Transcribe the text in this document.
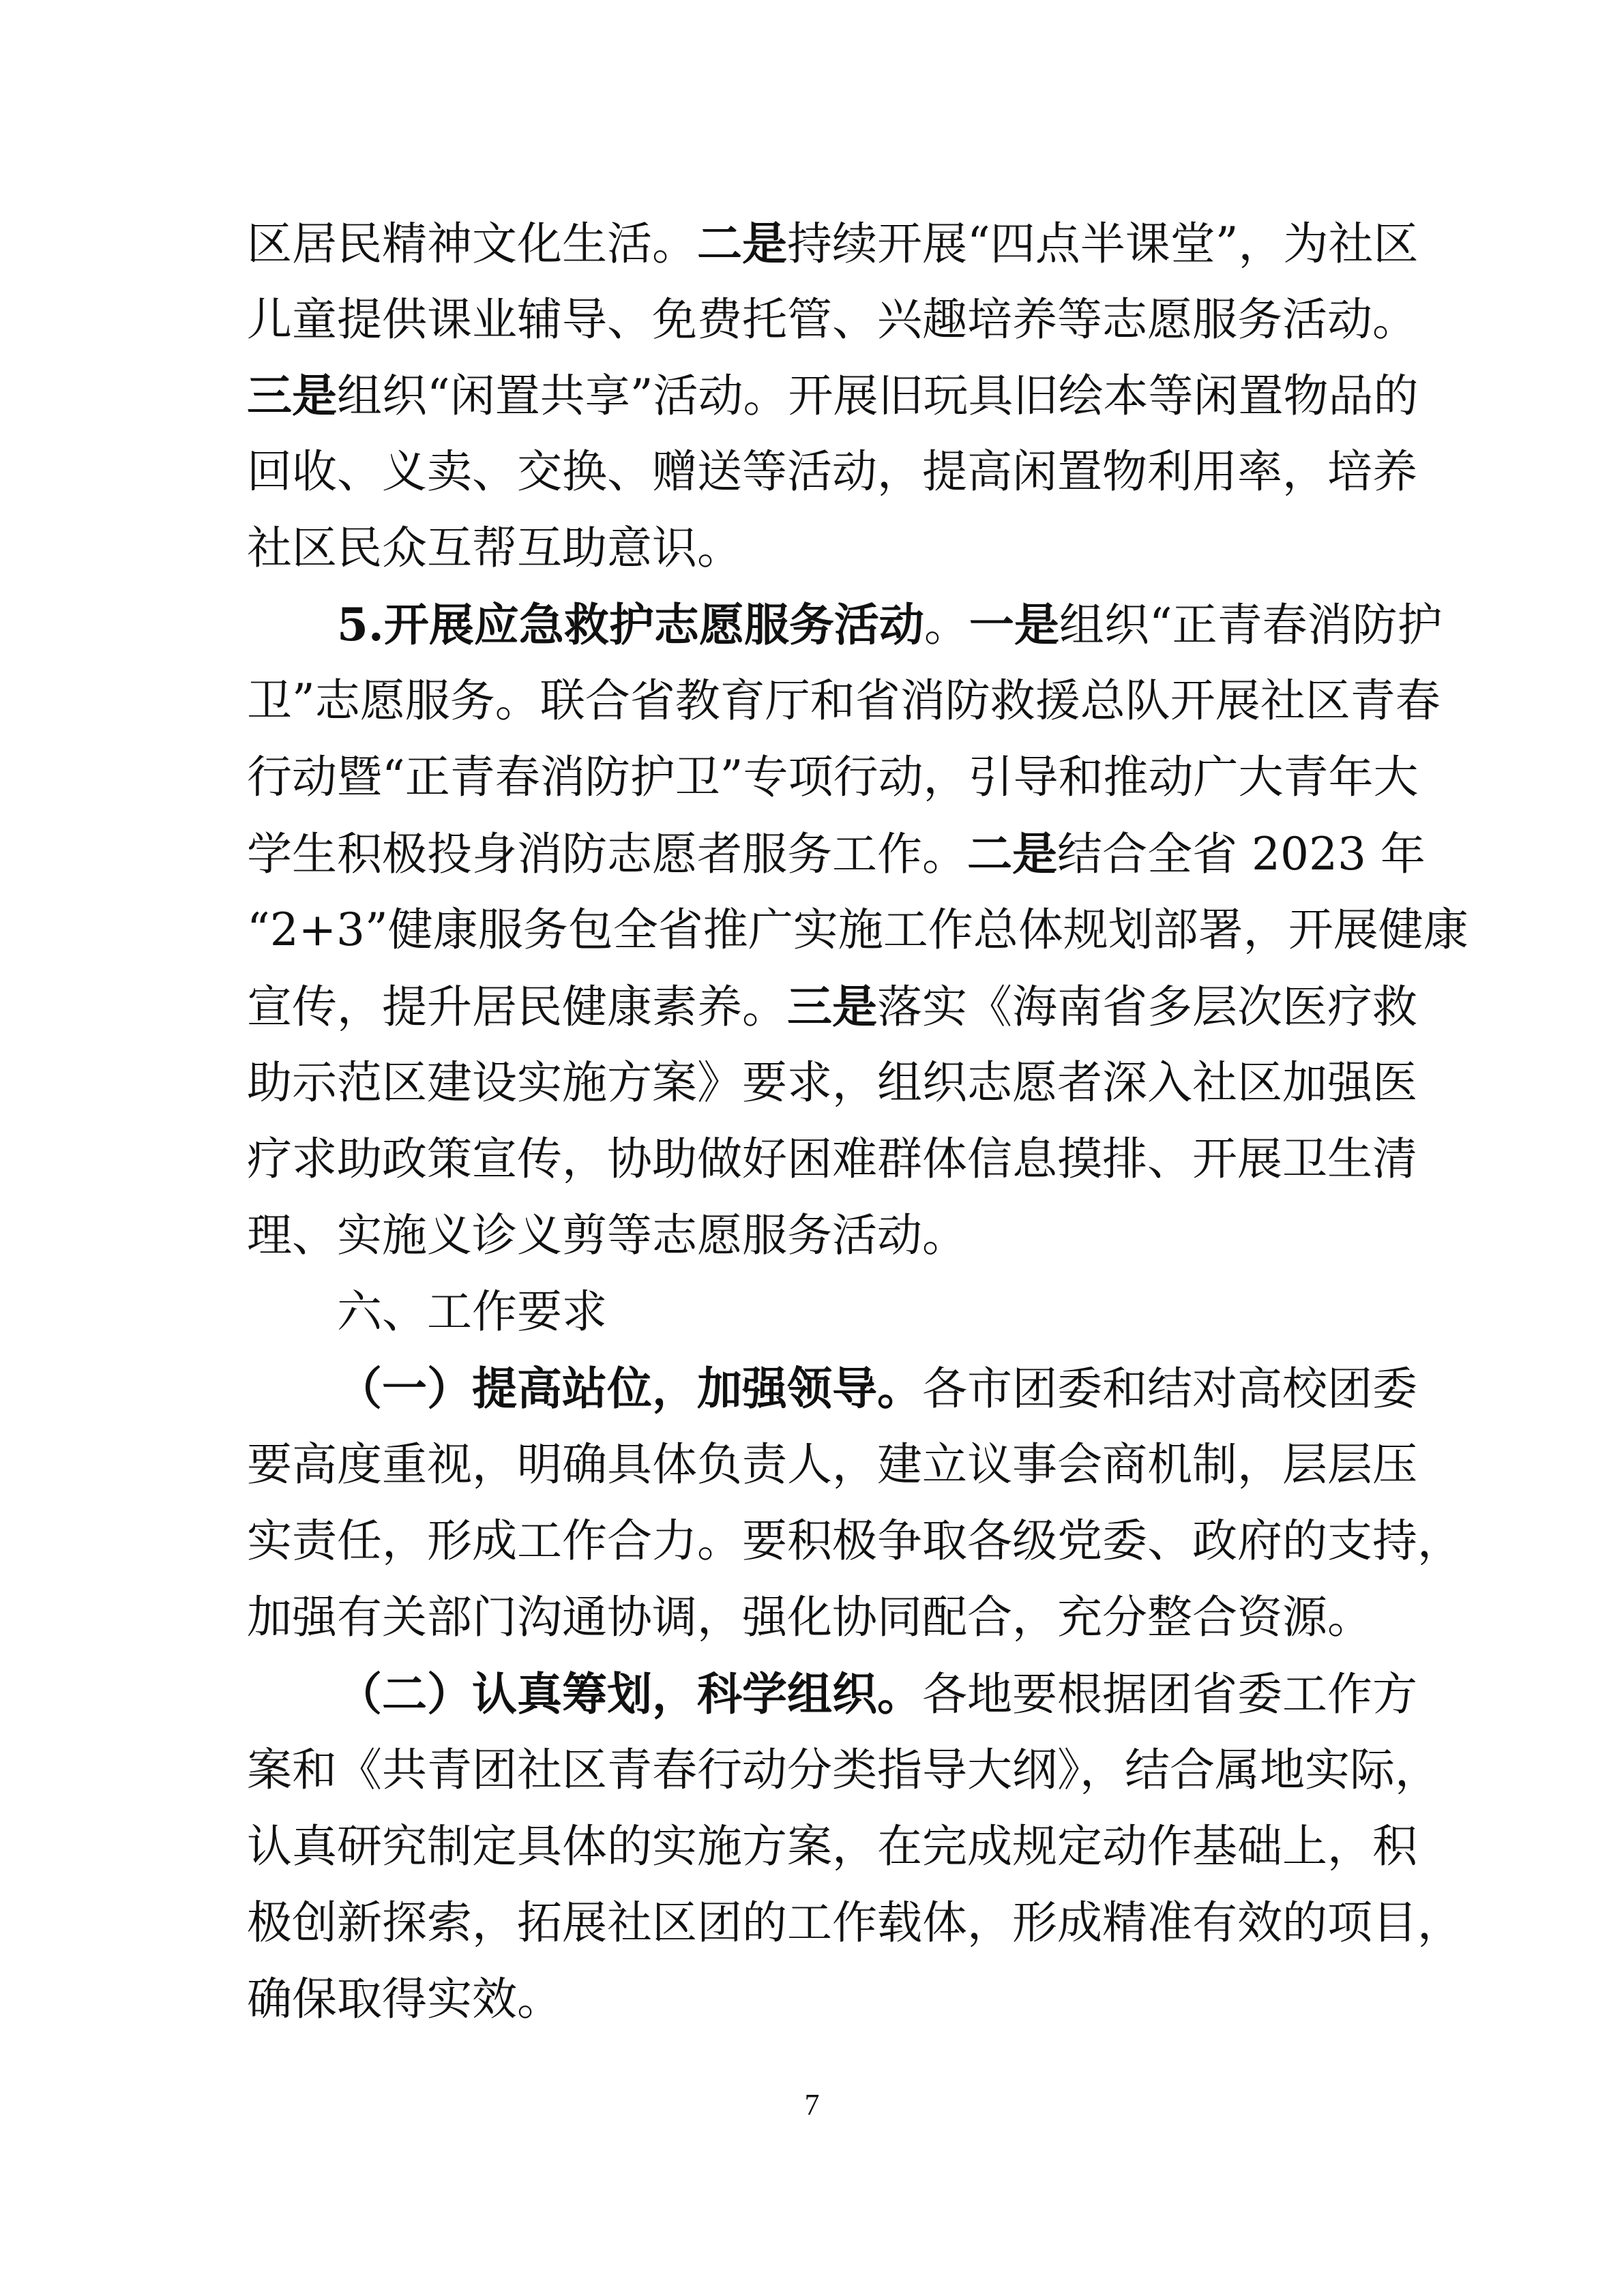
区居民精神文化生活。二是持续开展“四点半课堂”，为社区
儿童提供课业辅导、免费托管、兴趣培养等志愿服务活动。
三是组织“闲置共享”活动。开展旧玩具旧绘本等闲置物品的
回收、义卖、交换、赠送等活动，提高闲置物利用率，培养
社区民众互帮互助意识。
5.开展应急救护志愿服务活动。一是组织“正青春消防护
卫”志愿服务。联合省教育厅和省消防救援总队开展社区青春
行动暨“正青春消防护卫”专项行动，引导和推动广大青年大
学生积极投身消防志愿者服务工作。二是结合全省 2023 年
“2+3”健康服务包全省推广实施工作总体规划部署，开展健康
宣传，提升居民健康素养。三是落实《海南省多层次医疗救
助示范区建设实施方案》要求，组织志愿者深入社区加强医
疗求助政策宣传，协助做好困难群体信息摸排、开展卫生清
理、实施义诊义剪等志愿服务活动。
六、工作要求
（一）提高站位，加强领导。各市团委和结对高校团委
要高度重视，明确具体负责人，建立议事会商机制，层层压
实责任，形成工作合力。要积极争取各级党委、政府的支持，
加强有关部门沟通协调，强化协同配合，充分整合资源。
（二）认真筹划，科学组织。各地要根据团省委工作方
案和《共青团社区青春行动分类指导大纲》，结合属地实际，
认真研究制定具体的实施方案，在完成规定动作基础上，积
极创新探索，拓展社区团的工作载体，形成精准有效的项目，
确保取得实效。
7
